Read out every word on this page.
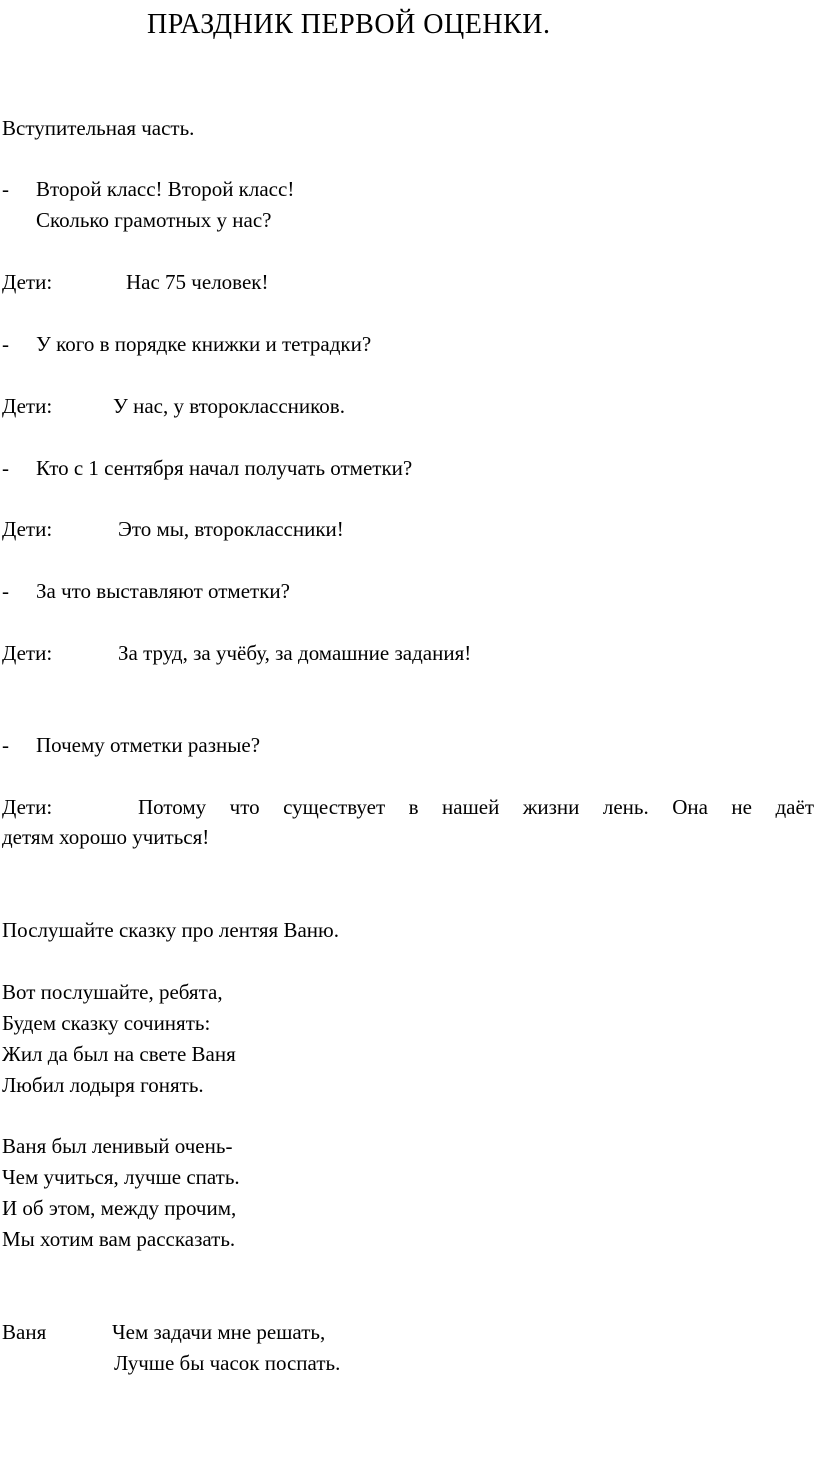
ПРАЗДНИК ПЕРВОЙ ОЦЕНКИ.
Вступительная часть.
- Второй класс! Второй класс!
Сколько грамотных у нас?
Дети:	Нас 75 человек!
- У кого в порядке книжки и тетрадки?
Дети:	У нас, у второклассников.
- Кто с 1 сентября начал получать отметки?
Дети:	Это мы, второклассники!
- За что выставляют отметки?
Дети:	За труд, за учёбу, за домашние задания!
- Почему отметки разные?
Дети:	Потому что существует в нашей жизни лень. Она не даёт
детям хорошо учиться!
Послушайте сказку про лентяя Ваню.
Вот послушайте, ребята,
Будем сказку сочинять:
Жил да был на свете Ваня
Любил лодыря гонять.
Ваня был ленивый очень-
Чем учиться, лучше спать.
И об этом, между прочим,
Мы хотим вам рассказать.
Ваня	Чем задачи мне решать,
Лучше бы часок поспать.
